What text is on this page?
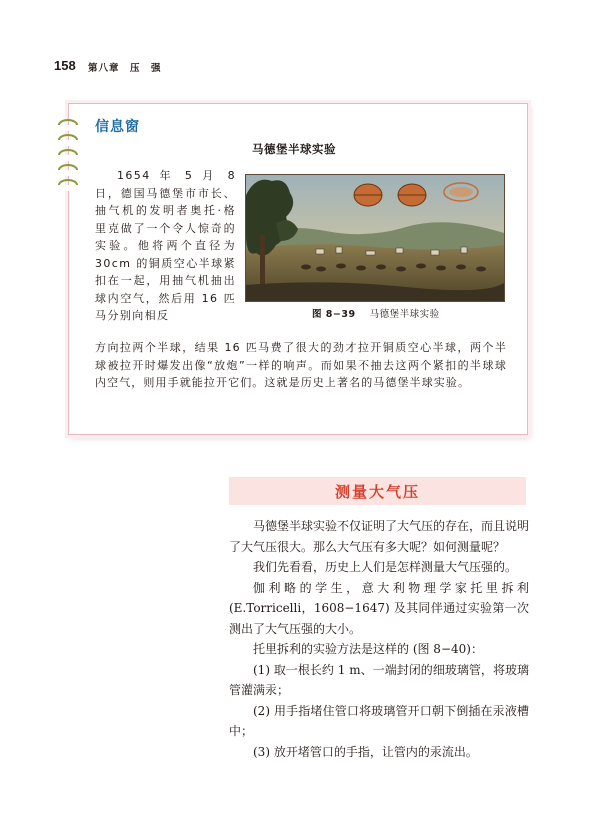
158 第八章　压　强
信息窗
马德堡半球实验
1654 年 5 月 8 日，德国马德堡市市长、抽气机的发明者奥托·格里克做了一个令人惊奇的实验。他将两个直径为 30cm 的铜质空心半球紧扣在一起，用抽气机抽出球内空气，然后用 16 匹马分别向相反
方向拉两个半球，结果 16 匹马费了很大的劲才拉开铜质空心半球，两个半球被拉开时爆发出像“放炮”一样的响声。而如果不抽去这两个紧扣的半球球内空气，则用手就能拉开它们。这就是历史上著名的马德堡半球实验。
图 8−39 马德堡半球实验
测量大气压

马德堡半球实验不仅证明了大气压的存在，而且说明了大气压很大。那么大气压有多大呢？如何测量呢？

我们先看看，历史上人们是怎样测量大气压强的。

伽利略的学生，意大利物理学家托里拆利 (E.Torricelli，1608−1647) 及其同伴通过实验第一次测出了大气压强的大小。

托里拆利的实验方法是这样的 (图 8−40)：

(1) 取一根长约 1 m、一端封闭的细玻璃管，将玻璃管灌满汞；

(2) 用手指堵住管口将玻璃管开口朝下倒插在汞液槽中；

(3) 放开堵管口的手指，让管内的汞流出。
